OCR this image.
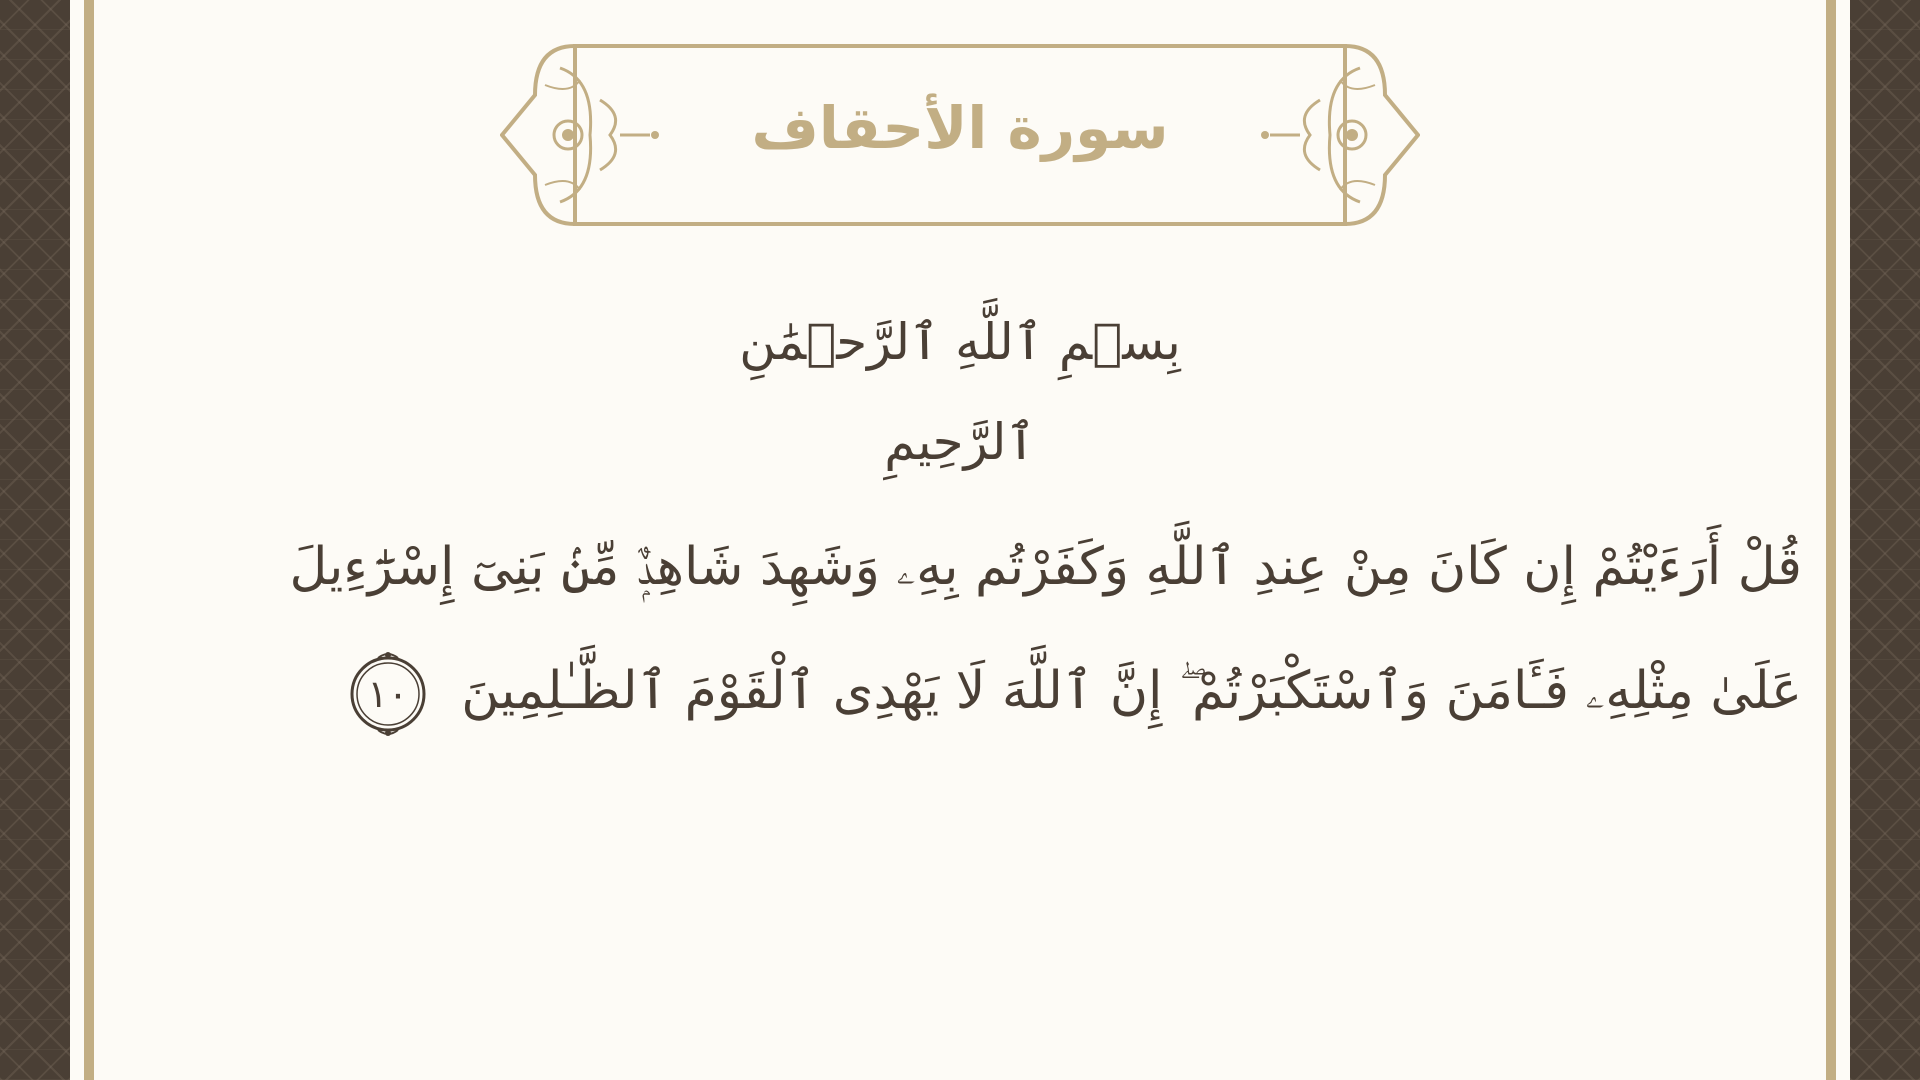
سورة الأحقاف
بِسۡمِ ٱللَّهِ ٱلرَّحۡمَٰنِ ٱلرَّحِيمِ
قُلْ أَرَءَيْتُمْ إِن كَانَ مِنْ عِندِ ٱللَّهِ وَكَفَرْتُم بِهِۦ وَشَهِدَ شَاهِدٌۭ مِّنۢ بَنِىٓ إِسْرَٰٓءِيلَ عَلَىٰ مِثْلِهِۦ فَـَٔامَنَ وَٱسْتَكْبَرْتُمْ ۖ إِنَّ ٱللَّهَ لَا يَهْدِى ٱلْقَوْمَ ٱلظَّـٰلِمِينَ
١٠
